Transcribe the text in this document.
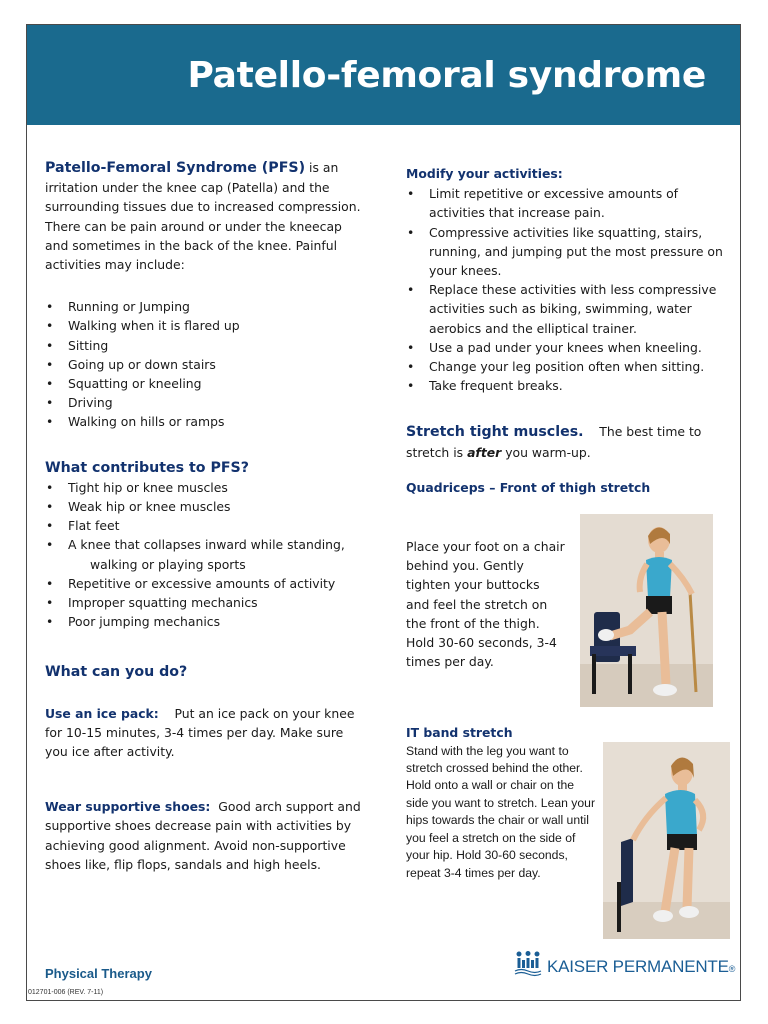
Patello-femoral syndrome

Patello-Femoral Syndrome (PFS) is an irritation under the knee cap (Patella) and the surrounding tissues due to increased compression. There can be pain around or under the kneecap and sometimes in the back of the knee. Painful activities may include:

• Running or Jumping
• Walking when it is flared up
• Sitting
• Going up or down stairs
• Squatting or kneeling
• Driving
• Walking on hills or ramps
What contributes to PFS?
• Tight hip or knee muscles
• Weak hip or knee muscles
• Flat feet
• A knee that collapses inward while standing,
walking or playing sports
• Repetitive or excessive amounts of activity
• Improper squatting mechanics
• Poor jumping mechanics
What can you do?

Use an ice pack: Put an ice pack on your knee for 10-15 minutes, 3-4 times per day. Make sure you ice after activity.

Wear supportive shoes: Good arch support and supportive shoes decrease pain with activities by achieving good alignment. Avoid non-supportive shoes like, flip flops, sandals and high heels.

Modify your activities:
• Limit repetitive or excessive amounts of activities that increase pain.
• Compressive activities like squatting, stairs, running, and jumping put the most pressure on your knees.
• Replace these activities with less compressive activities such as biking, swimming, water aerobics and the elliptical trainer.
• Use a pad under your knees when kneeling.
• Change your leg position often when sitting.
• Take frequent breaks.

Stretch tight muscles. The best time to stretch is after you warm-up.

Quadriceps – Front of thigh stretch

Place your foot on a chair behind you. Gently tighten your buttocks and feel the stretch on the front of the thigh. Hold 30-60 seconds, 3-4 times per day.

IT band stretch

Stand with the leg you want to stretch crossed behind the other. Hold onto a wall or chair on the side you want to stretch. Lean your hips towards the chair or wall until you feel a stretch on the side of your hip. Hold 30-60 seconds, repeat 3-4 times per day.

Physical Therapy
012701-006 (REV. 7-11)
KAISER PERMANENTE®
